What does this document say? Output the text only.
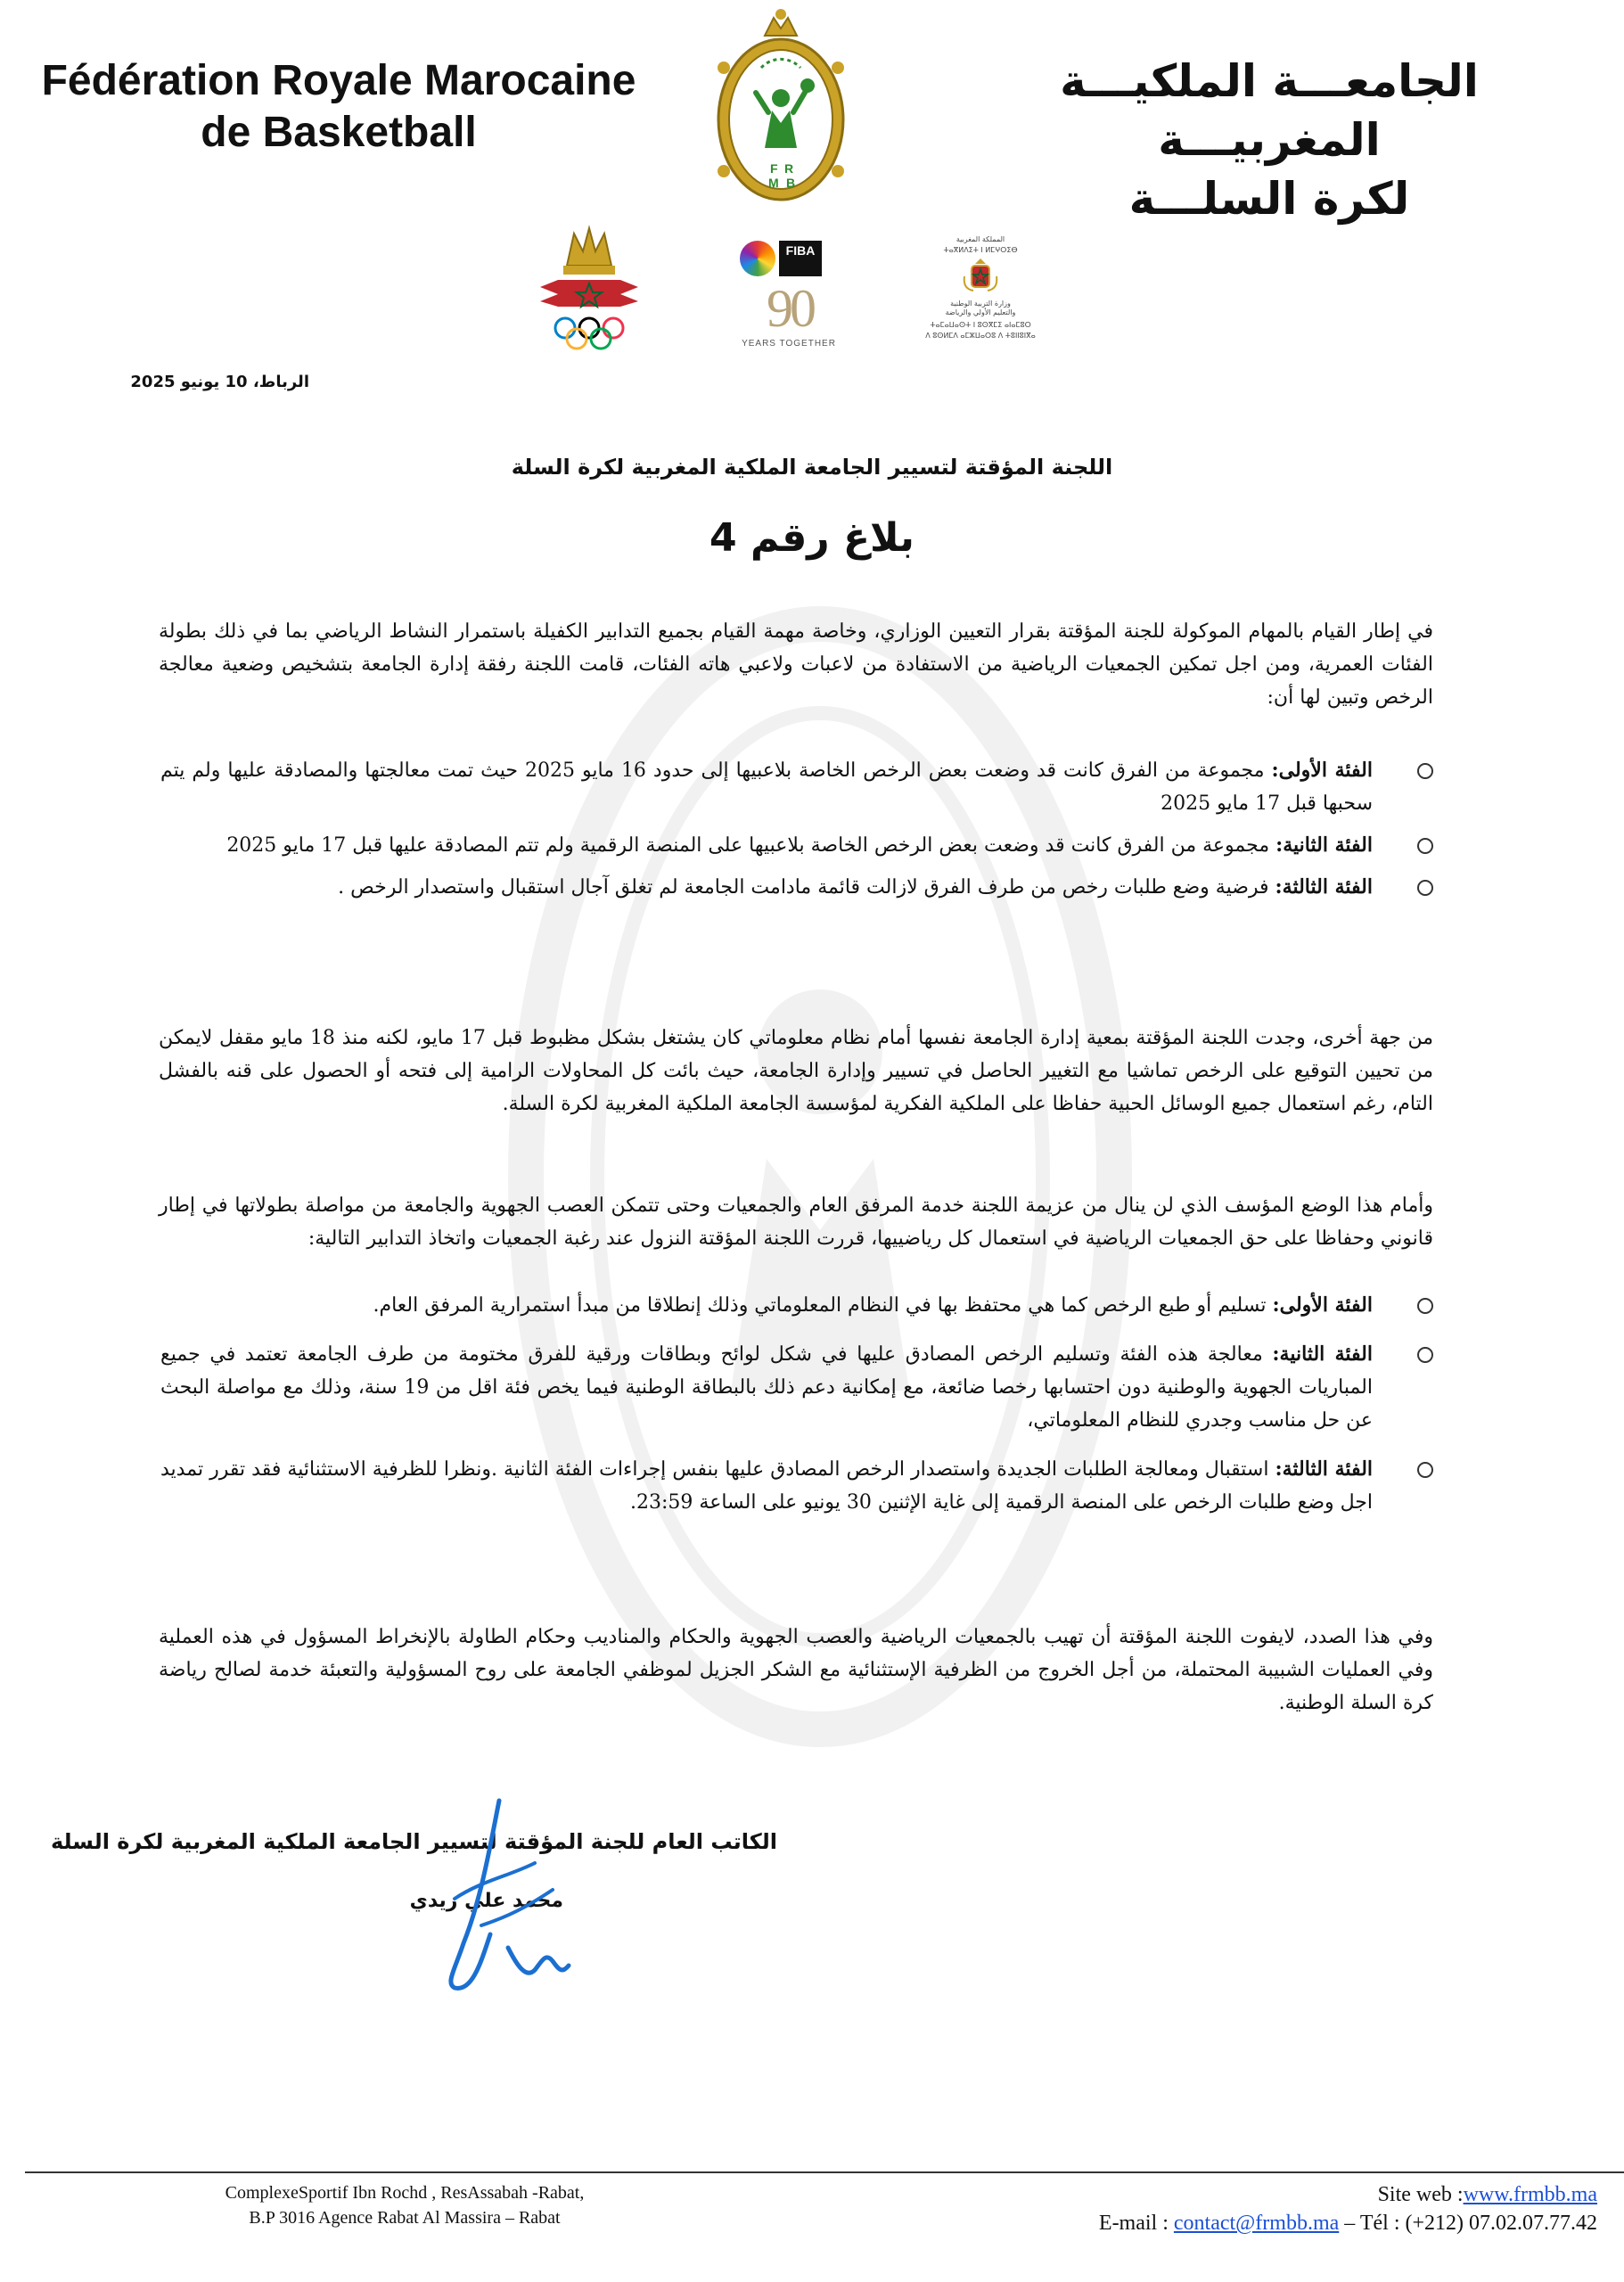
Fédération Royale Marocaine
de Basketball
الجامعـــة الملكيـــة المغربيـــة
لكرة السلـــة
F R
M B
FIBA
90
YEARS TOGETHER
المملكة المغربية
ⵜⴰⴳⵍⴷⵉⵜ ⵏ ⵍⵎⵖⵔⵉⴱ
وزارة التربية الوطنية
والتعليم الأولي والرياضة
ⵜⴰⵎⴰⵡⴰⵙⵜ ⵏ ⵓⵙⴳⵎⵉ ⴰⵏⴰⵎⵓⵔ
ⴷ ⵓⵙⵍⵎⴷ ⴰⵎⵣⵡⴰⵔⵓ ⴷ ⵜⵓⵏⵏⵓⵏⴳⴰ
الرباط، 10 يونيو 2025
اللجنة المؤقتة لتسيير الجامعة الملكية المغربية لكرة السلة
بلاغ رقم 4

في إطار القيام بالمهام الموكولة للجنة المؤقتة بقرار التعيين الوزاري، وخاصة مهمة القيام بجميع التدابير الكفيلة باستمرار النشاط الرياضي بما في ذلك بطولة الفئات العمرية، ومن اجل تمكين الجمعيات الرياضية من الاستفادة من لاعبات ولاعبي هاته الفئات، قامت اللجنة رفقة إدارة الجامعة بتشخيص وضعية معالجة الرخص وتبين لها أن:

الفئة الأولى: مجموعة من الفرق كانت قد وضعت بعض الرخص الخاصة بلاعبيها إلى حدود 16 مايو 2025 حيث تمت معالجتها والمصادقة عليها ولم يتم سحبها قبل 17 مايو 2025
الفئة الثانية: مجموعة من الفرق كانت قد وضعت بعض الرخص الخاصة بلاعبيها على المنصة الرقمية ولم تتم المصادقة عليها قبل 17 مايو 2025
الفئة الثالثة: فرضية وضع طلبات رخص من طرف الفرق لازالت قائمة مادامت الجامعة لم تغلق آجال استقبال واستصدار الرخص .

من جهة أخرى، وجدت اللجنة المؤقتة بمعية إدارة الجامعة نفسها أمام نظام معلوماتي كان يشتغل بشكل مظبوط قبل 17 مايو، لكنه منذ 18 مايو مقفل لايمكن من تحيين التوقيع على الرخص تماشيا مع التغيير الحاصل في تسيير وإدارة الجامعة، حيث بائت كل المحاولات الرامية إلى فتحه أو الحصول على قنه بالفشل التام، رغم استعمال جميع الوسائل الحبية حفاظا على الملكية الفكرية لمؤسسة الجامعة الملكية المغربية لكرة السلة.

وأمام هذا الوضع المؤسف الذي لن ينال من عزيمة اللجنة خدمة المرفق العام والجمعيات وحتى تتمكن العصب الجهوية والجامعة من مواصلة بطولاتها في إطار قانوني وحفاظا على حق الجمعيات الرياضية في استعمال كل رياضييها، قررت اللجنة المؤقتة النزول عند رغبة الجمعيات واتخاذ التدابير التالية:

الفئة الأولى: تسليم أو طبع الرخص كما هي محتفظ بها في النظام المعلوماتي وذلك إنطلاقا من مبدأ استمرارية المرفق العام.
الفئة الثانية: معالجة هذه الفئة وتسليم الرخص المصادق عليها في شكل لوائح وبطاقات ورقية للفرق مختومة من طرف الجامعة تعتمد في جميع المباريات الجهوية والوطنية دون احتسابها رخصا ضائعة، مع إمكانية دعم ذلك بالبطاقة الوطنية فيما يخص فئة اقل من 19 سنة، وذلك مع مواصلة البحث عن حل مناسب وجدري للنظام المعلوماتي،
الفئة الثالثة: استقبال ومعالجة الطلبات الجديدة واستصدار الرخص المصادق عليها بنفس إجراءات الفئة الثانية .ونظرا للظرفية الاستثنائية فقد تقرر تمديد اجل وضع طلبات الرخص على المنصة الرقمية إلى غاية الإثنين 30 يونيو على الساعة 23:59.

وفي هذا الصدد، لايفوت اللجنة المؤقتة أن تهيب بالجمعيات الرياضية والعصب الجهوية والحكام والمناديب وحكام الطاولة بالإنخراط المسؤول في هذه العملية وفي العمليات الشبيبة المحتملة، من أجل الخروج من الظرفية الإستثنائية مع الشكر الجزيل لموظفي الجامعة على روح المسؤولية والتعبئة خدمة لصالح رياضة كرة السلة الوطنية.

الكاتب العام للجنة المؤقتة لتسيير الجامعة الملكية المغربية لكرة السلة
محمد علي زيدي
ComplexeSportif Ibn Rochd , ResAssabah -Rabat,
B.P 3016 Agence Rabat Al Massira – Rabat
Site web :www.frmbb.ma
E-mail : contact@frmbb.ma – Tél : (+212) 07.02.07.77.42
